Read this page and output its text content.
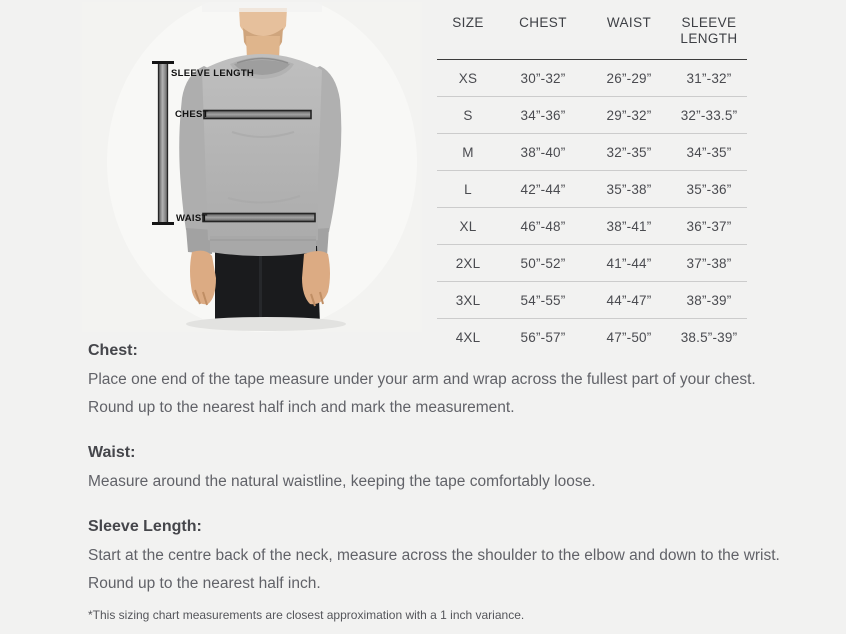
SLEEVE LENGTH
CHEST
WAIST
SIZE	CHEST	WAIST	SLEEVE LENGTH
XS	30”-32”	26”-29”	31”-32”
S	34”-36”	29”-32”	32”-33.5”
M	38”-40”	32”-35”	34”-35”
L	42”-44”	35”-38”	35”-36”
XL	46”-48”	38”-41”	36”-37”
2XL	50”-52”	41”-44”	37”-38”
3XL	54”-55”	44”-47”	38”-39”
4XL	56”-57”	47”-50”	38.5”-39”
Chest:

Place one end of the tape measure under your arm and wrap across the fullest part of your chest. Round up to the nearest half inch and mark the measurement.

Waist:

Measure around the natural waistline, keeping the tape comfortably loose.

Sleeve Length:

Start at the centre back of the neck, measure across the shoulder to the elbow and down to the wrist. Round up to the nearest half inch.

*This sizing chart measurements are closest approximation with a 1 inch variance.
